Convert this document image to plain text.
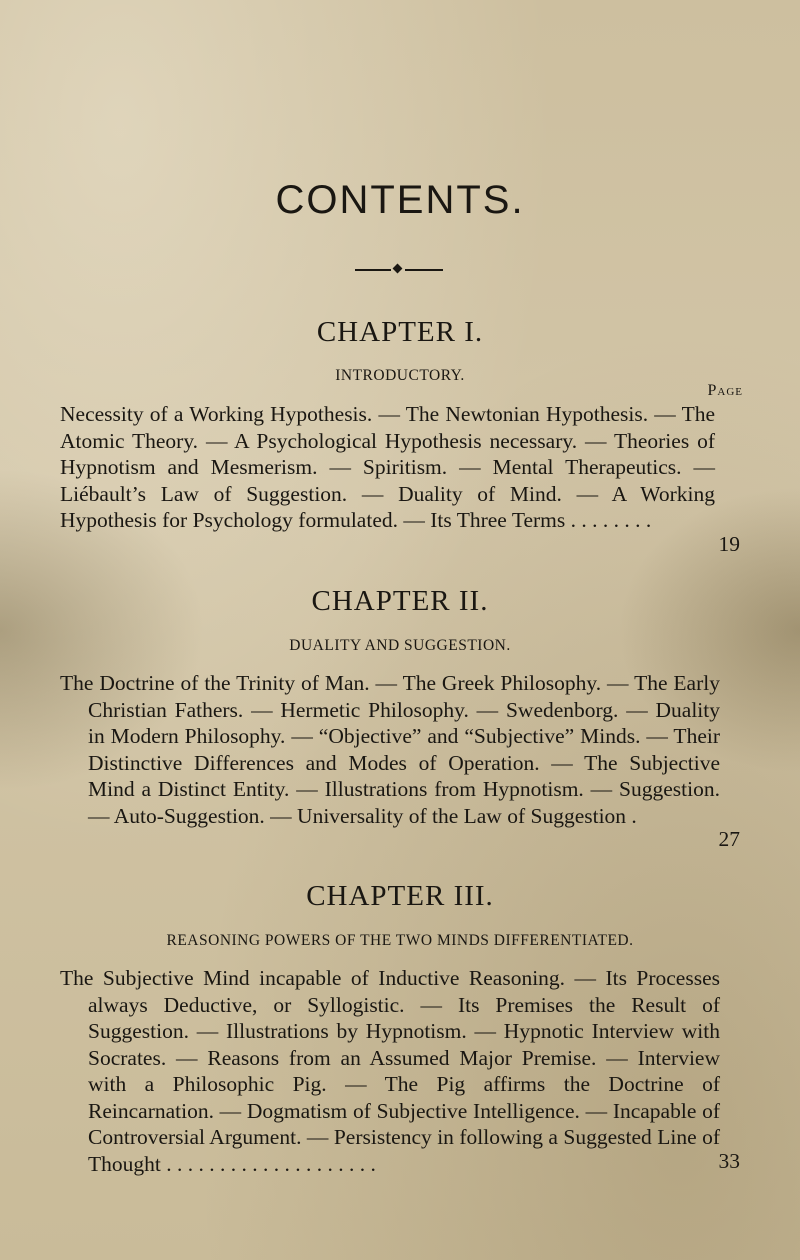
CONTENTS.
CHAPTER I.
INTRODUCTORY.
Page
Necessity of a Working Hypothesis. — The Newtonian Hypothesis. — The Atomic Theory. — A Psychological Hypothesis necessary. — Theories of Hypnotism and Mesmerism. — Spiritism. — Mental Therapeutics. — Liébault’s Law of Suggestion. — Duality of Mind. — A Working Hypothesis for Psychology formulated. — Its Three Terms . . . . . . . .
19
CHAPTER II.
DUALITY AND SUGGESTION.
The Doctrine of the Trinity of Man. — The Greek Philosophy. — The Early Christian Fathers. — Hermetic Philosophy. — Swedenborg. — Duality in Modern Philosophy. — “Objective” and “Subjective” Minds. — Their Distinctive Differences and Modes of Operation. — The Subjective Mind a Distinct Entity. — Illustrations from Hypnotism. — Suggestion. — Auto-Suggestion. — Universality of the Law of Suggestion .
27
CHAPTER III.
REASONING POWERS OF THE TWO MINDS DIFFERENTIATED.
The Subjective Mind incapable of Inductive Reasoning. — Its Processes always Deductive, or Syllogistic. — Its Premises the Result of Suggestion. — Illustrations by Hypnotism. — Hypnotic Interview with Socrates. — Reasons from an Assumed Major Premise. — Interview with a Philosophic Pig. — The Pig affirms the Doctrine of Reincarnation. — Dogmatism of Subjective Intelligence. — Incapable of Controversial Argument. — Persistency in following a Suggested Line of Thought . . . . . . . . . . . . . . . . . . . .	33
